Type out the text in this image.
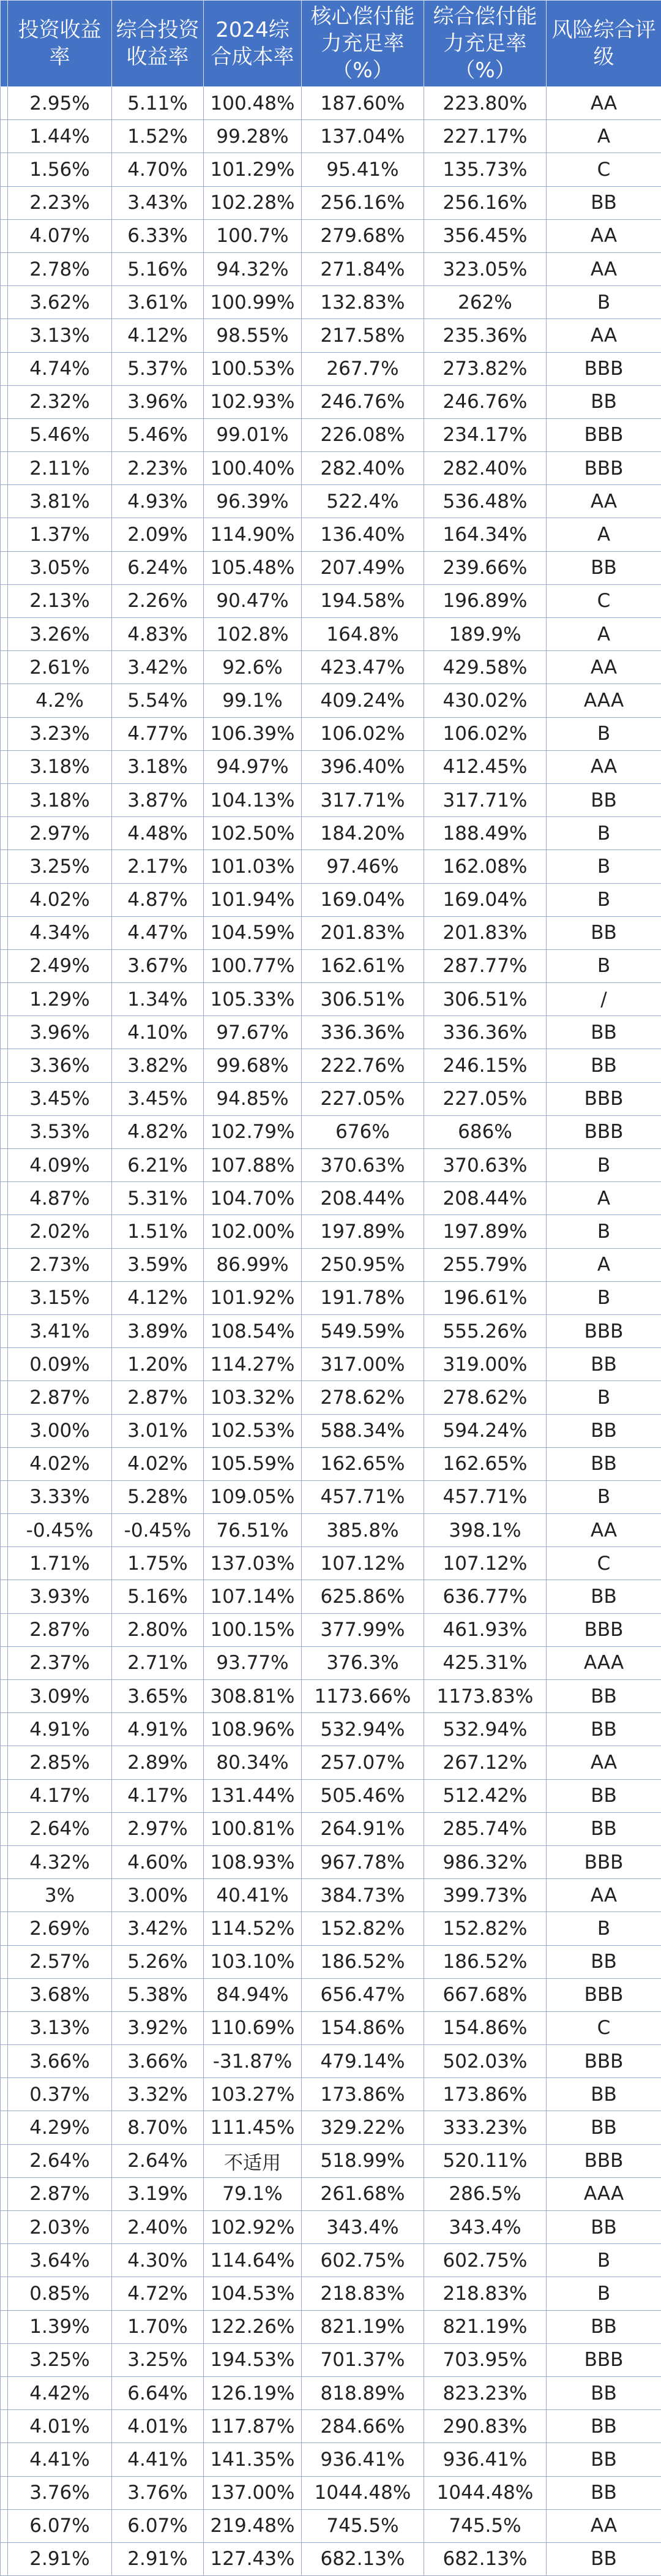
	投资收益率	综合投资收益率	2024综合成本率	核心偿付能力充足率（%）	综合偿付能力充足率（%）	风险综合评级
	2.95%	5.11%	100.48%	187.60%	223.80%	AA
	1.44%	1.52%	99.28%	137.04%	227.17%	A
	1.56%	4.70%	101.29%	95.41%	135.73%	C
	2.23%	3.43%	102.28%	256.16%	256.16%	BB
	4.07%	6.33%	100.7%	279.68%	356.45%	AA
	2.78%	5.16%	94.32%	271.84%	323.05%	AA
	3.62%	3.61%	100.99%	132.83%	262%	B
	3.13%	4.12%	98.55%	217.58%	235.36%	AA
	4.74%	5.37%	100.53%	267.7%	273.82%	BBB
	2.32%	3.96%	102.93%	246.76%	246.76%	BB
	5.46%	5.46%	99.01%	226.08%	234.17%	BBB
	2.11%	2.23%	100.40%	282.40%	282.40%	BBB
	3.81%	4.93%	96.39%	522.4%	536.48%	AA
	1.37%	2.09%	114.90%	136.40%	164.34%	A
	3.05%	6.24%	105.48%	207.49%	239.66%	BB
	2.13%	2.26%	90.47%	194.58%	196.89%	C
	3.26%	4.83%	102.8%	164.8%	189.9%	A
	2.61%	3.42%	92.6%	423.47%	429.58%	AA
	4.2%	5.54%	99.1%	409.24%	430.02%	AAA
	3.23%	4.77%	106.39%	106.02%	106.02%	B
	3.18%	3.18%	94.97%	396.40%	412.45%	AA
	3.18%	3.87%	104.13%	317.71%	317.71%	BB
	2.97%	4.48%	102.50%	184.20%	188.49%	B
	3.25%	2.17%	101.03%	97.46%	162.08%	B
	4.02%	4.87%	101.94%	169.04%	169.04%	B
	4.34%	4.47%	104.59%	201.83%	201.83%	BB
	2.49%	3.67%	100.77%	162.61%	287.77%	B
	1.29%	1.34%	105.33%	306.51%	306.51%	/
	3.96%	4.10%	97.67%	336.36%	336.36%	BB
	3.36%	3.82%	99.68%	222.76%	246.15%	BB
	3.45%	3.45%	94.85%	227.05%	227.05%	BBB
	3.53%	4.82%	102.79%	676%	686%	BBB
	4.09%	6.21%	107.88%	370.63%	370.63%	B
	4.87%	5.31%	104.70%	208.44%	208.44%	A
	2.02%	1.51%	102.00%	197.89%	197.89%	B
	2.73%	3.59%	86.99%	250.95%	255.79%	A
	3.15%	4.12%	101.92%	191.78%	196.61%	B
	3.41%	3.89%	108.54%	549.59%	555.26%	BBB
	0.09%	1.20%	114.27%	317.00%	319.00%	BB
	2.87%	2.87%	103.32%	278.62%	278.62%	B
	3.00%	3.01%	102.53%	588.34%	594.24%	BB
	4.02%	4.02%	105.59%	162.65%	162.65%	BB
	3.33%	5.28%	109.05%	457.71%	457.71%	B
	-0.45%	-0.45%	76.51%	385.8%	398.1%	AA
	1.71%	1.75%	137.03%	107.12%	107.12%	C
	3.93%	5.16%	107.14%	625.86%	636.77%	BB
	2.87%	2.80%	100.15%	377.99%	461.93%	BBB
	2.37%	2.71%	93.77%	376.3%	425.31%	AAA
	3.09%	3.65%	308.81%	1173.66%	1173.83%	BB
	4.91%	4.91%	108.96%	532.94%	532.94%	BB
	2.85%	2.89%	80.34%	257.07%	267.12%	AA
	4.17%	4.17%	131.44%	505.46%	512.42%	BB
	2.64%	2.97%	100.81%	264.91%	285.74%	BB
	4.32%	4.60%	108.93%	967.78%	986.32%	BBB
	3%	3.00%	40.41%	384.73%	399.73%	AA
	2.69%	3.42%	114.52%	152.82%	152.82%	B
	2.57%	5.26%	103.10%	186.52%	186.52%	BB
	3.68%	5.38%	84.94%	656.47%	667.68%	BBB
	3.13%	3.92%	110.69%	154.86%	154.86%	C
	3.66%	3.66%	-31.87%	479.14%	502.03%	BBB
	0.37%	3.32%	103.27%	173.86%	173.86%	BB
	4.29%	8.70%	111.45%	329.22%	333.23%	BB
	2.64%	2.64%	不适用	518.99%	520.11%	BBB
	2.87%	3.19%	79.1%	261.68%	286.5%	AAA
	2.03%	2.40%	102.92%	343.4%	343.4%	BB
	3.64%	4.30%	114.64%	602.75%	602.75%	B
	0.85%	4.72%	104.53%	218.83%	218.83%	B
	1.39%	1.70%	122.26%	821.19%	821.19%	BB
	3.25%	3.25%	194.53%	701.37%	703.95%	BBB
	4.42%	6.64%	126.19%	818.89%	823.23%	BB
	4.01%	4.01%	117.87%	284.66%	290.83%	BB
	4.41%	4.41%	141.35%	936.41%	936.41%	BB
	3.76%	3.76%	137.00%	1044.48%	1044.48%	BB
	6.07%	6.07%	219.48%	745.5%	745.5%	AA
	2.91%	2.91%	127.43%	682.13%	682.13%	BB
